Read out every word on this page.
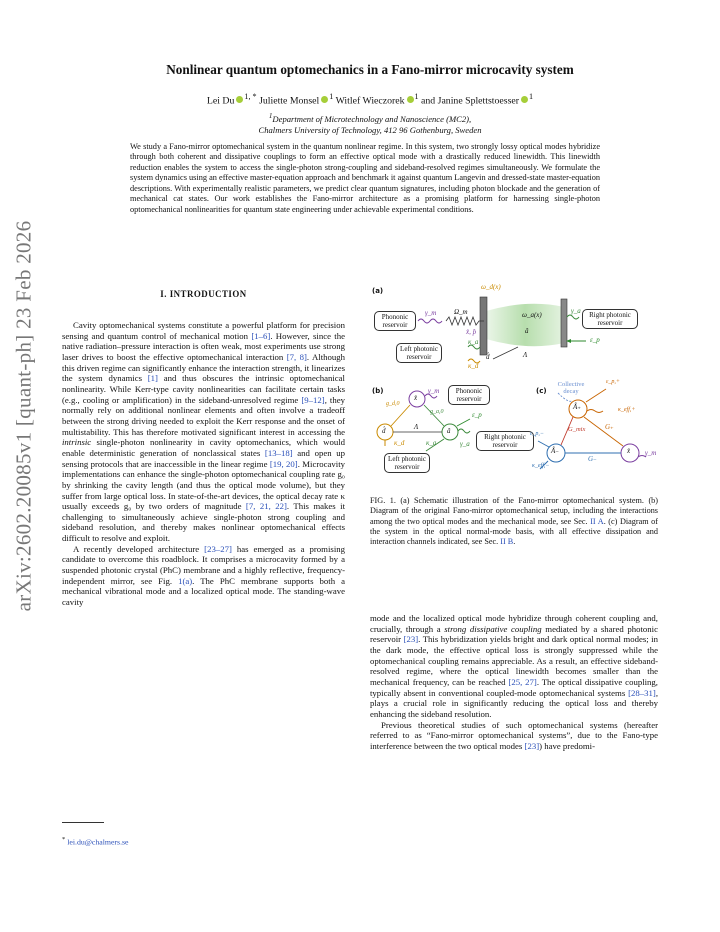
arXiv:2602.20085v1 [quant-ph] 23 Feb 2026
Nonlinear quantum optomechanics in a Fano-mirror microcavity system
Lei Du $^{1, *}$ Juliette Monsel $^1$ Witlef Wieczorek $^1$ and Janine Splettstoesser $^1$
$^1$Department of Microtechnology and Nanoscience (MC2),
Chalmers University of Technology, 412 96 Gothenburg, Sweden
We study a Fano-mirror optomechanical system in the quantum nonlinear regime. In this system, two strongly lossy optical modes hybridize through both coherent and dissipative couplings to form an effective optical mode with a drastically reduced linewidth. This linewidth reduction enables the system to access the single-photon strong-coupling and sideband-resolved regimes simultaneously. We formulate the system dynamics using an effective master-equation approach and benchmark it against quantum Langevin and dressed-state master-equation descriptions. With experimentally realistic parameters, we predict clear quantum signatures, including photon blockade and the generation of mechanical cat states. Our work establishes the Fano-mirror architecture as a promising platform for harnessing single-photon optomechanical nonlinearities for quantum state engineering under achievable experimental conditions.
I. INTRODUCTION

Cavity optomechanical systems constitute a powerful platform for precision sensing and quantum control of mechanical motion [1–6]. However, since the native radiation–pressure interaction is often weak, most experiments use strong laser drives to boost the effective optomechanical interaction [7, 8]. Although this driven regime can significantly enhance the interaction strength, it linearizes the system dynamics [1] and thus obscures the intrinsic optomechanical nonlinearity. While Kerr-type cavity nonlinearities can facilitate certain tasks (e.g., cooling or amplification) in the sideband-unresolved regime [9–12], they normally rely on additional nonlinear elements and often involve a tradeoff between the strong driving needed to exploit the Kerr response and the onset of multistability. This has therefore motivated significant interest in accessing the intrinsic single-photon nonlinearity in cavity optomechanics, which would enable deterministic generation of nonclassical states [13–18] and open up sensing protocols that are inaccessible in the linear regime [19, 20]. Microcavity implementations can enhance the single-photon optomechanical coupling rate g₀ by shrinking the cavity length (and thus the optical mode volume), but they suffer from large optical loss. In state-of-the-art devices, the optical decay rate κ usually exceeds g₀ by two orders of magnitude [7, 21, 22]. This makes it challenging to simultaneously achieve single-photon strong coupling and sideband resolution, and thereby makes nonlinear optomechanical effects difficult to resolve and exploit.

A recently developed architecture [23–27] has emerged as a promising candidate to overcome this roadblock. It comprises a microcavity formed by a suspended photonic crystal (PhC) membrane and a highly reflective, frequency-independent mirror, see Fig. 1(a). The PhC membrane supports both a mechanical vibrational mode and a localized optical mode. The standing-wave cavity

* lei.du@chalmers.se
(a)
(b)	(c)
Phononic reservoir
Left photonic reservoir
Right photonic reservoir
Phononic reservoir
Right photonic reservoir
Left photonic reservoir
Collective decay
ω_d(x)
γ_m	Ω_m
x̂, p̂
κ_a
κ_d
ω_a(x)	γ_a
â
d̂	Λ
ε_p
x̂
d̂	â
γ_m
g_d,0
g_a,0
Λ
κ_d	κ_a	γ_a
ε_p
Â₊
Â₋	x̂
ε_p,+
ε_p,−
κ_eff,+
κ_eff,−
G_mix	G₊
G₋
γ_m
FIG. 1. (a) Schematic illustration of the Fano-mirror optomechanical system. (b) Diagram of the original Fano-mirror optomechanical setup, including the interactions among the two optical modes and the mechanical mode, see Sec. II A. (c) Diagram of the system in the optical normal-mode basis, with all effective dissipation and interaction channels indicated, see Sec. II B.

mode and the localized optical mode hybridize through coherent coupling and, crucially, through a strong dissipative coupling mediated by a shared photonic reservoir [23]. This hybridization yields bright and dark optical normal modes; in the dark mode, the effective optical loss is strongly suppressed while the optomechanical coupling remains appreciable. As a result, an effective sideband-resolved regime, where the optical linewidth becomes smaller than the mechanical frequency, can be reached [25, 27]. The optical dissipative coupling, typically absent in conventional coupled-mode optomechanical systems [28–31], plays a crucial role in significantly reducing the optical loss and thereby enhancing the sideband resolution.

Previous theoretical studies of such optomechanical systems (hereafter referred to as “Fano-mirror optomechanical systems”, due to the Fano-type interference between the two optical modes [23]) have predomi-
